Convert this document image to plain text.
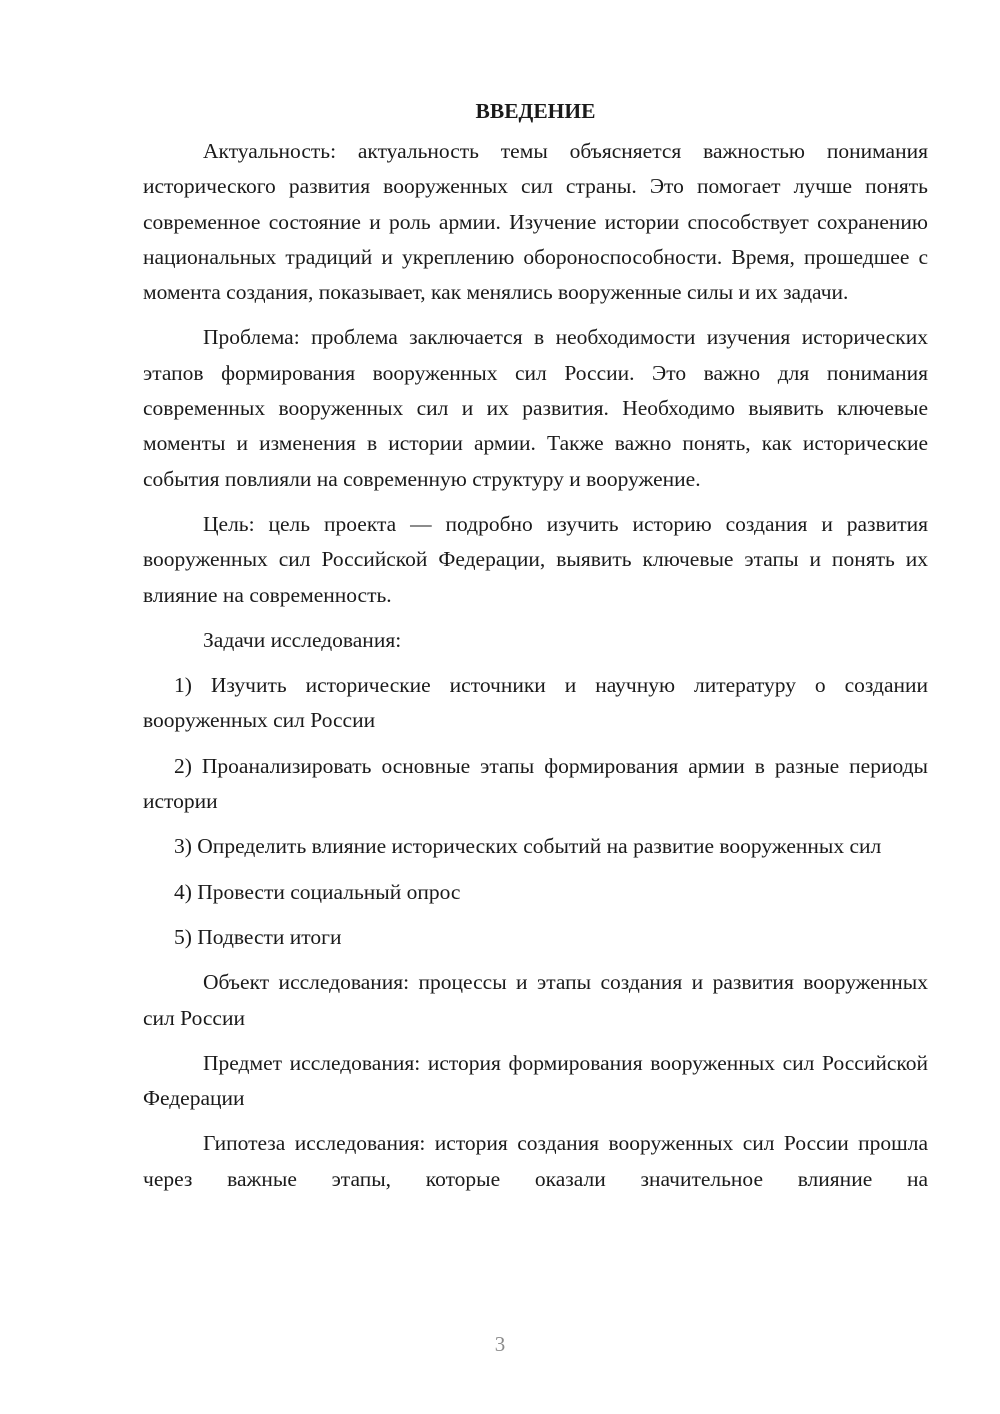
ВВЕДЕНИЕ

Актуальность: актуальность темы объясняется важностью понимания исторического развития вооруженных сил страны. Это помогает лучше понять современное состояние и роль армии. Изучение истории способствует сохранению национальных традиций и укреплению обороноспособности. Время, прошедшее с момента создания, показывает, как менялись вооруженные силы и их задачи.

Проблема: проблема заключается в необходимости изучения исторических этапов формирования вооруженных сил России. Это важно для понимания современных вооруженных сил и их развития. Необходимо выявить ключевые моменты и изменения в истории армии. Также важно понять, как исторические события повлияли на современную структуру и вооружение.

Цель: цель проекта — подробно изучить историю создания и развития вооруженных сил Российской Федерации, выявить ключевые этапы и понять их влияние на современность.

Задачи исследования:

1) Изучить исторические источники и научную литературу о создании вооруженных сил России

2) Проанализировать основные этапы формирования армии в разные периоды истории

3) Определить влияние исторических событий на развитие вооруженных сил

4) Провести социальный опрос

5) Подвести итоги

Объект исследования: процессы и этапы создания и развития вооруженных сил России

Предмет исследования: история формирования вооруженных сил Российской Федерации

Гипотеза исследования: история создания вооруженных сил России прошла через важные этапы, которые оказали значительное влияние на

3
